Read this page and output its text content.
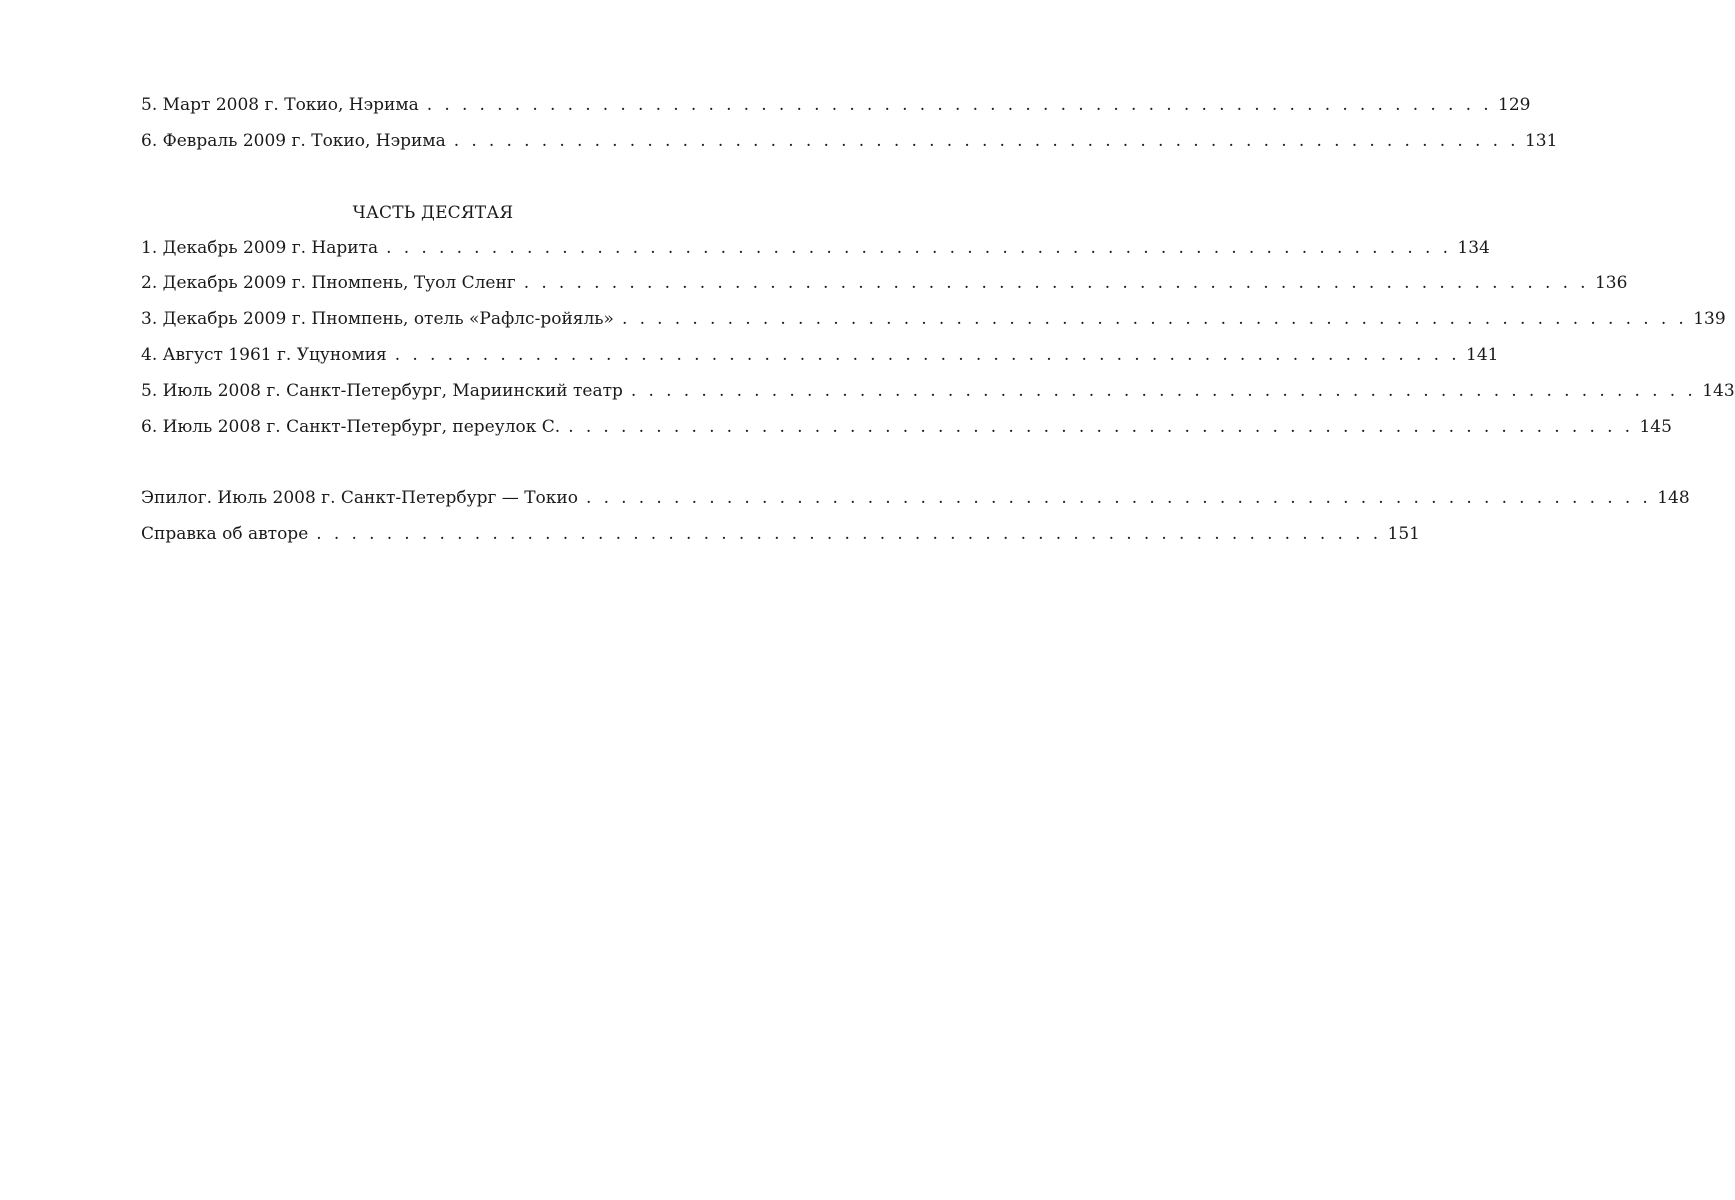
5. Март 2008 г. Токио, Нэрима . . . . . . . . . . . . . . . . . . . . . . . . . . . . . . . . . . . . . . . . . . . . . . . . . . . . . . . . . . . . . 129
6. Февраль 2009 г. Токио, Нэрима . . . . . . . . . . . . . . . . . . . . . . . . . . . . . . . . . . . . . . . . . . . . . . . . . . . . . . . . . . . . . 131
ЧАСТЬ ДЕСЯТАЯ
1. Декабрь 2009 г. Нарита . . . . . . . . . . . . . . . . . . . . . . . . . . . . . . . . . . . . . . . . . . . . . . . . . . . . . . . . . . . . . 134
2. Декабрь 2009 г. Пномпень, Туол Сленг . . . . . . . . . . . . . . . . . . . . . . . . . . . . . . . . . . . . . . . . . . . . . . . . . . . . . . . . . . . . . 136
3. Декабрь 2009 г. Пномпень, отель «Рафлс-ройяль» . . . . . . . . . . . . . . . . . . . . . . . . . . . . . . . . . . . . . . . . . . . . . . . . . . . . . . . . . . . . . 139
4. Август 1961 г. Уцуномия . . . . . . . . . . . . . . . . . . . . . . . . . . . . . . . . . . . . . . . . . . . . . . . . . . . . . . . . . . . . . 141
5. Июль 2008 г. Санкт-Петербург, Мариинский театр . . . . . . . . . . . . . . . . . . . . . . . . . . . . . . . . . . . . . . . . . . . . . . . . . . . . . . . . . . . . . 143
6. Июль 2008 г. Санкт-Петербург, переулок С. . . . . . . . . . . . . . . . . . . . . . . . . . . . . . . . . . . . . . . . . . . . . . . . . . . . . . . . . . . . . . 145
Эпилог. Июль 2008 г. Санкт-Петербург — Токио . . . . . . . . . . . . . . . . . . . . . . . . . . . . . . . . . . . . . . . . . . . . . . . . . . . . . . . . . . . . . 148
Справка об авторе . . . . . . . . . . . . . . . . . . . . . . . . . . . . . . . . . . . . . . . . . . . . . . . . . . . . . . . . . . . . . 151
